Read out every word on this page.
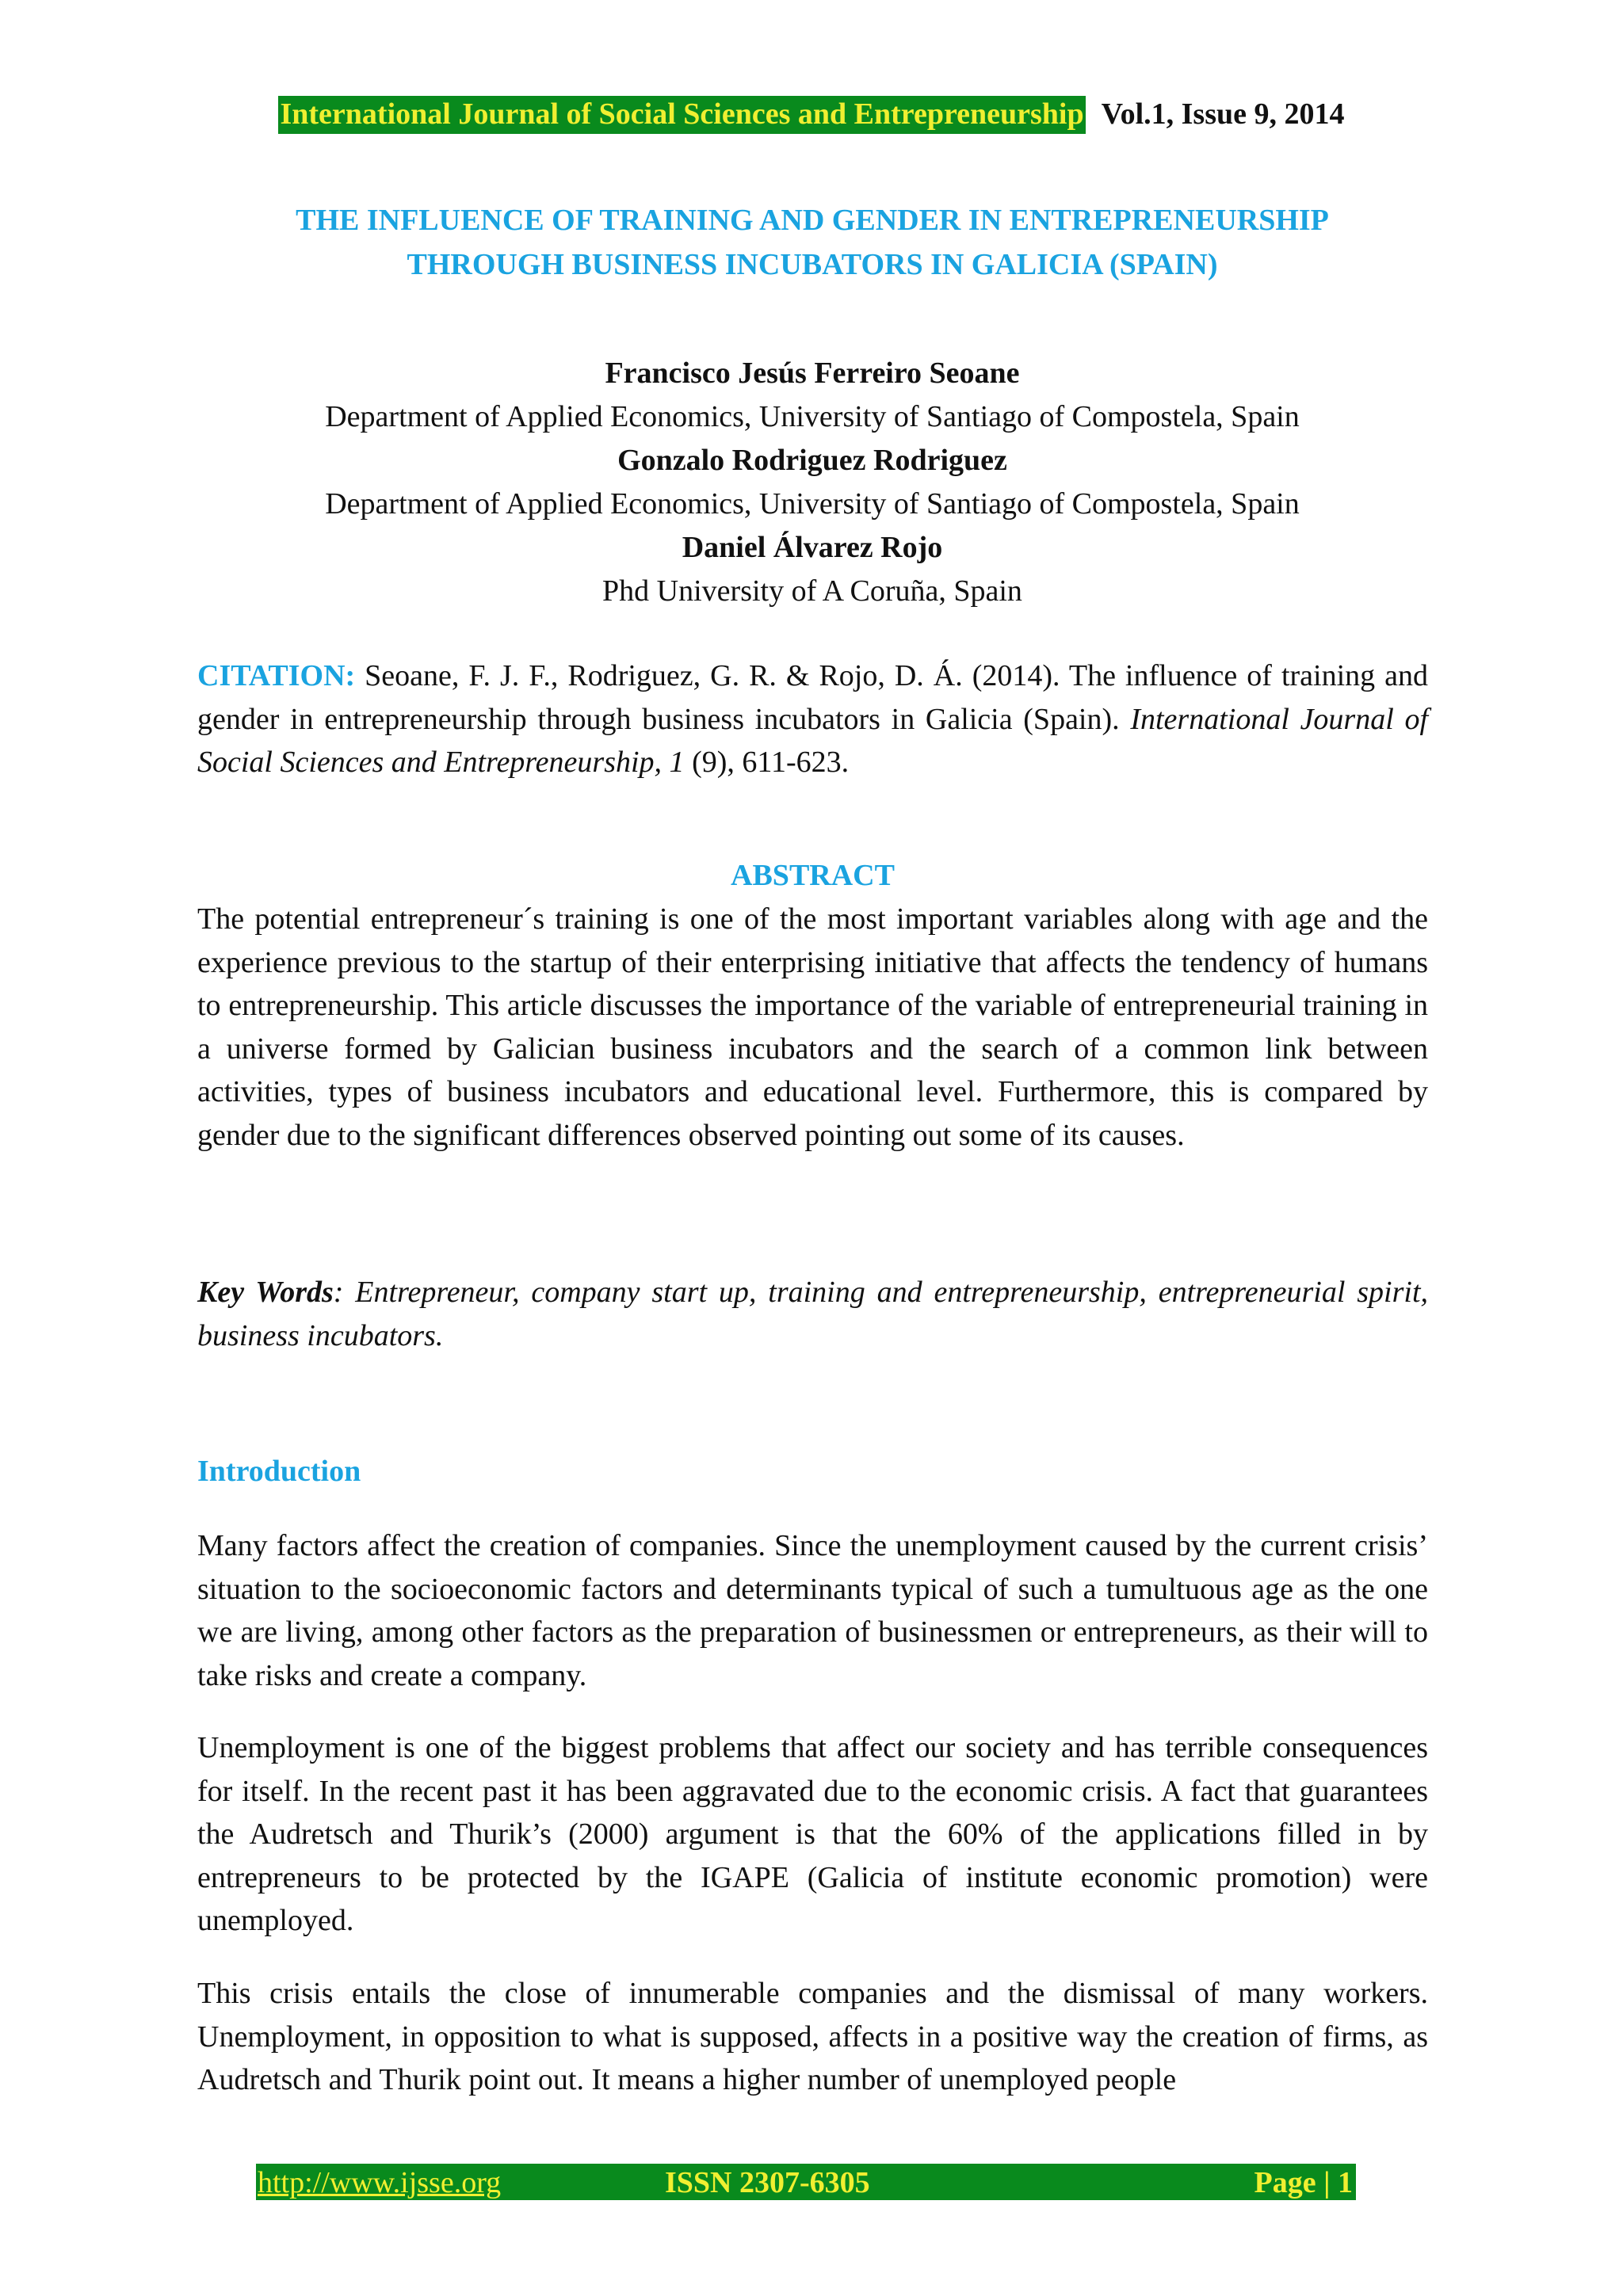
International Journal of Social Sciences and Entrepreneurship Vol.1, Issue 9, 2014
THE INFLUENCE OF TRAINING AND GENDER IN ENTREPRENEURSHIP
THROUGH BUSINESS INCUBATORS IN GALICIA (SPAIN)
Francisco Jesús Ferreiro Seoane
Department of Applied Economics, University of Santiago of Compostela, Spain
Gonzalo Rodriguez Rodriguez
Department of Applied Economics, University of Santiago of Compostela, Spain
Daniel Álvarez Rojo
Phd University of A Coruña, Spain
CITATION: Seoane, F. J. F., Rodriguez, G. R. & Rojo, D. Á. (2014). The influence of training and gender in entrepreneurship through business incubators in Galicia (Spain). International Journal of Social Sciences and Entrepreneurship, 1 (9), 611-623.
ABSTRACT
The potential entrepreneur´s training is one of the most important variables along with age and the experience previous to the startup of their enterprising initiative that affects the tendency of humans to entrepreneurship. This article discusses the importance of the variable of entrepreneurial training in a universe formed by Galician business incubators and the search of a common link between activities, types of business incubators and educational level. Furthermore, this is compared by gender due to the significant differences observed pointing out some of its causes.
Key Words: Entrepreneur, company start up, training and entrepreneurship, entrepreneurial spirit, business incubators.
Introduction

Many factors affect the creation of companies. Since the unemployment caused by the current crisis’ situation to the socioeconomic factors and determinants typical of such a tumultuous age as the one we are living, among other factors as the preparation of businessmen or entrepreneurs, as their will to take risks and create a company.

Unemployment is one of the biggest problems that affect our society and has terrible consequences for itself. In the recent past it has been aggravated due to the economic crisis. A fact that guarantees the Audretsch and Thurik’s (2000) argument is that the 60% of the applications filled in by entrepreneurs to be protected by the IGAPE (Galicia of institute economic promotion) were unemployed.

This crisis entails the close of innumerable companies and the dismissal of many workers. Unemployment, in opposition to what is supposed, affects in a positive way the creation of firms, as Audretsch and Thurik point out. It means a higher number of unemployed people

http://www.ijsse.org	ISSN 2307-6305	Page | 1
